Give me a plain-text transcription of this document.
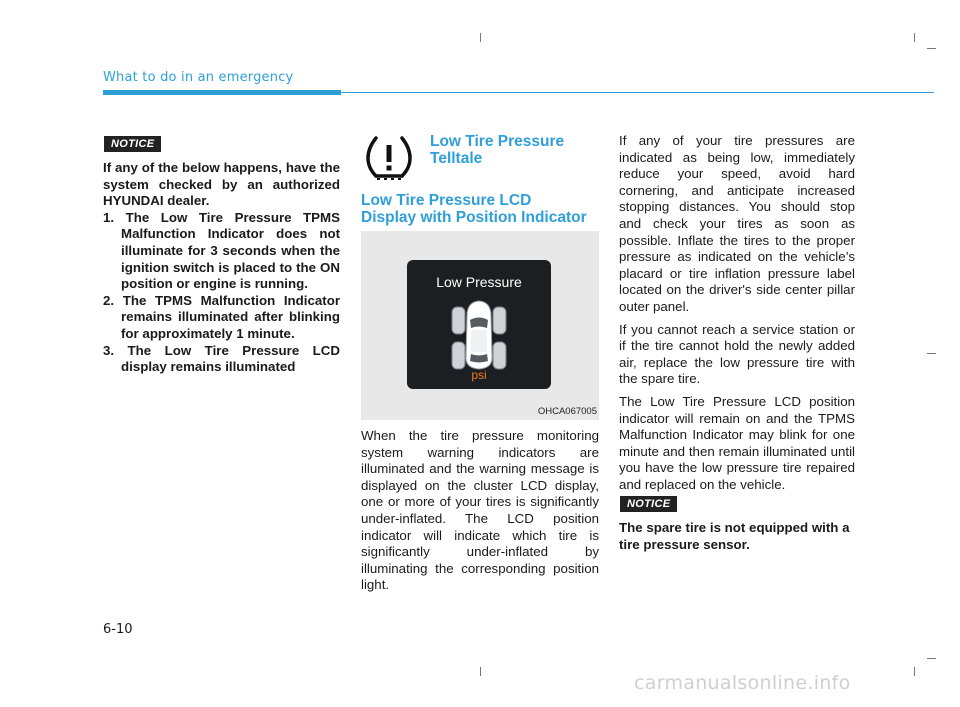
What to do in an emergency
NOTICE

If any of the below happens, have the system checked by an authorized HYUNDAI dealer.

1. The Low Tire Pressure TPMS Malfunction Indicator does not illuminate for 3 seconds when the ignition switch is placed to the ON position or engine is running.
2. The TPMS Malfunction Indicator remains illuminated after blinking for approximately 1 minute.
3. The Low Tire Pressure LCD display remains illuminated
Low Tire Pressure
Telltale
Low Tire Pressure LCD
Display with Position Indicator
Low Pressure
psi
OHCA067005

When the tire pressure monitoring system warning indicators are illuminated and the warning message is displayed on the cluster LCD display, one or more of your tires is significantly under-inflated. The LCD position indicator will indicate which tire is significantly under-inflated by illuminating the corresponding position light.

If any of your tire pressures are indicated as being low, immediately reduce your speed, avoid hard cornering, and anticipate increased stopping distances. You should stop and check your tires as soon as possible. Inflate the tires to the proper pressure as indicated on the vehicle’s placard or tire inflation pressure label located on the driver's side center pillar outer panel.

If you cannot reach a service station or if the tire cannot hold the newly added air, replace the low pressure tire with the spare tire.

The Low Tire Pressure LCD position indicator will remain on and the TPMS Malfunction Indicator may blink for one minute and then remain illuminated until you have the low pressure tire repaired and replaced on the vehicle.

NOTICE

The spare tire is not equipped with a tire pressure sensor.

6-10
carmanualsonline.info
